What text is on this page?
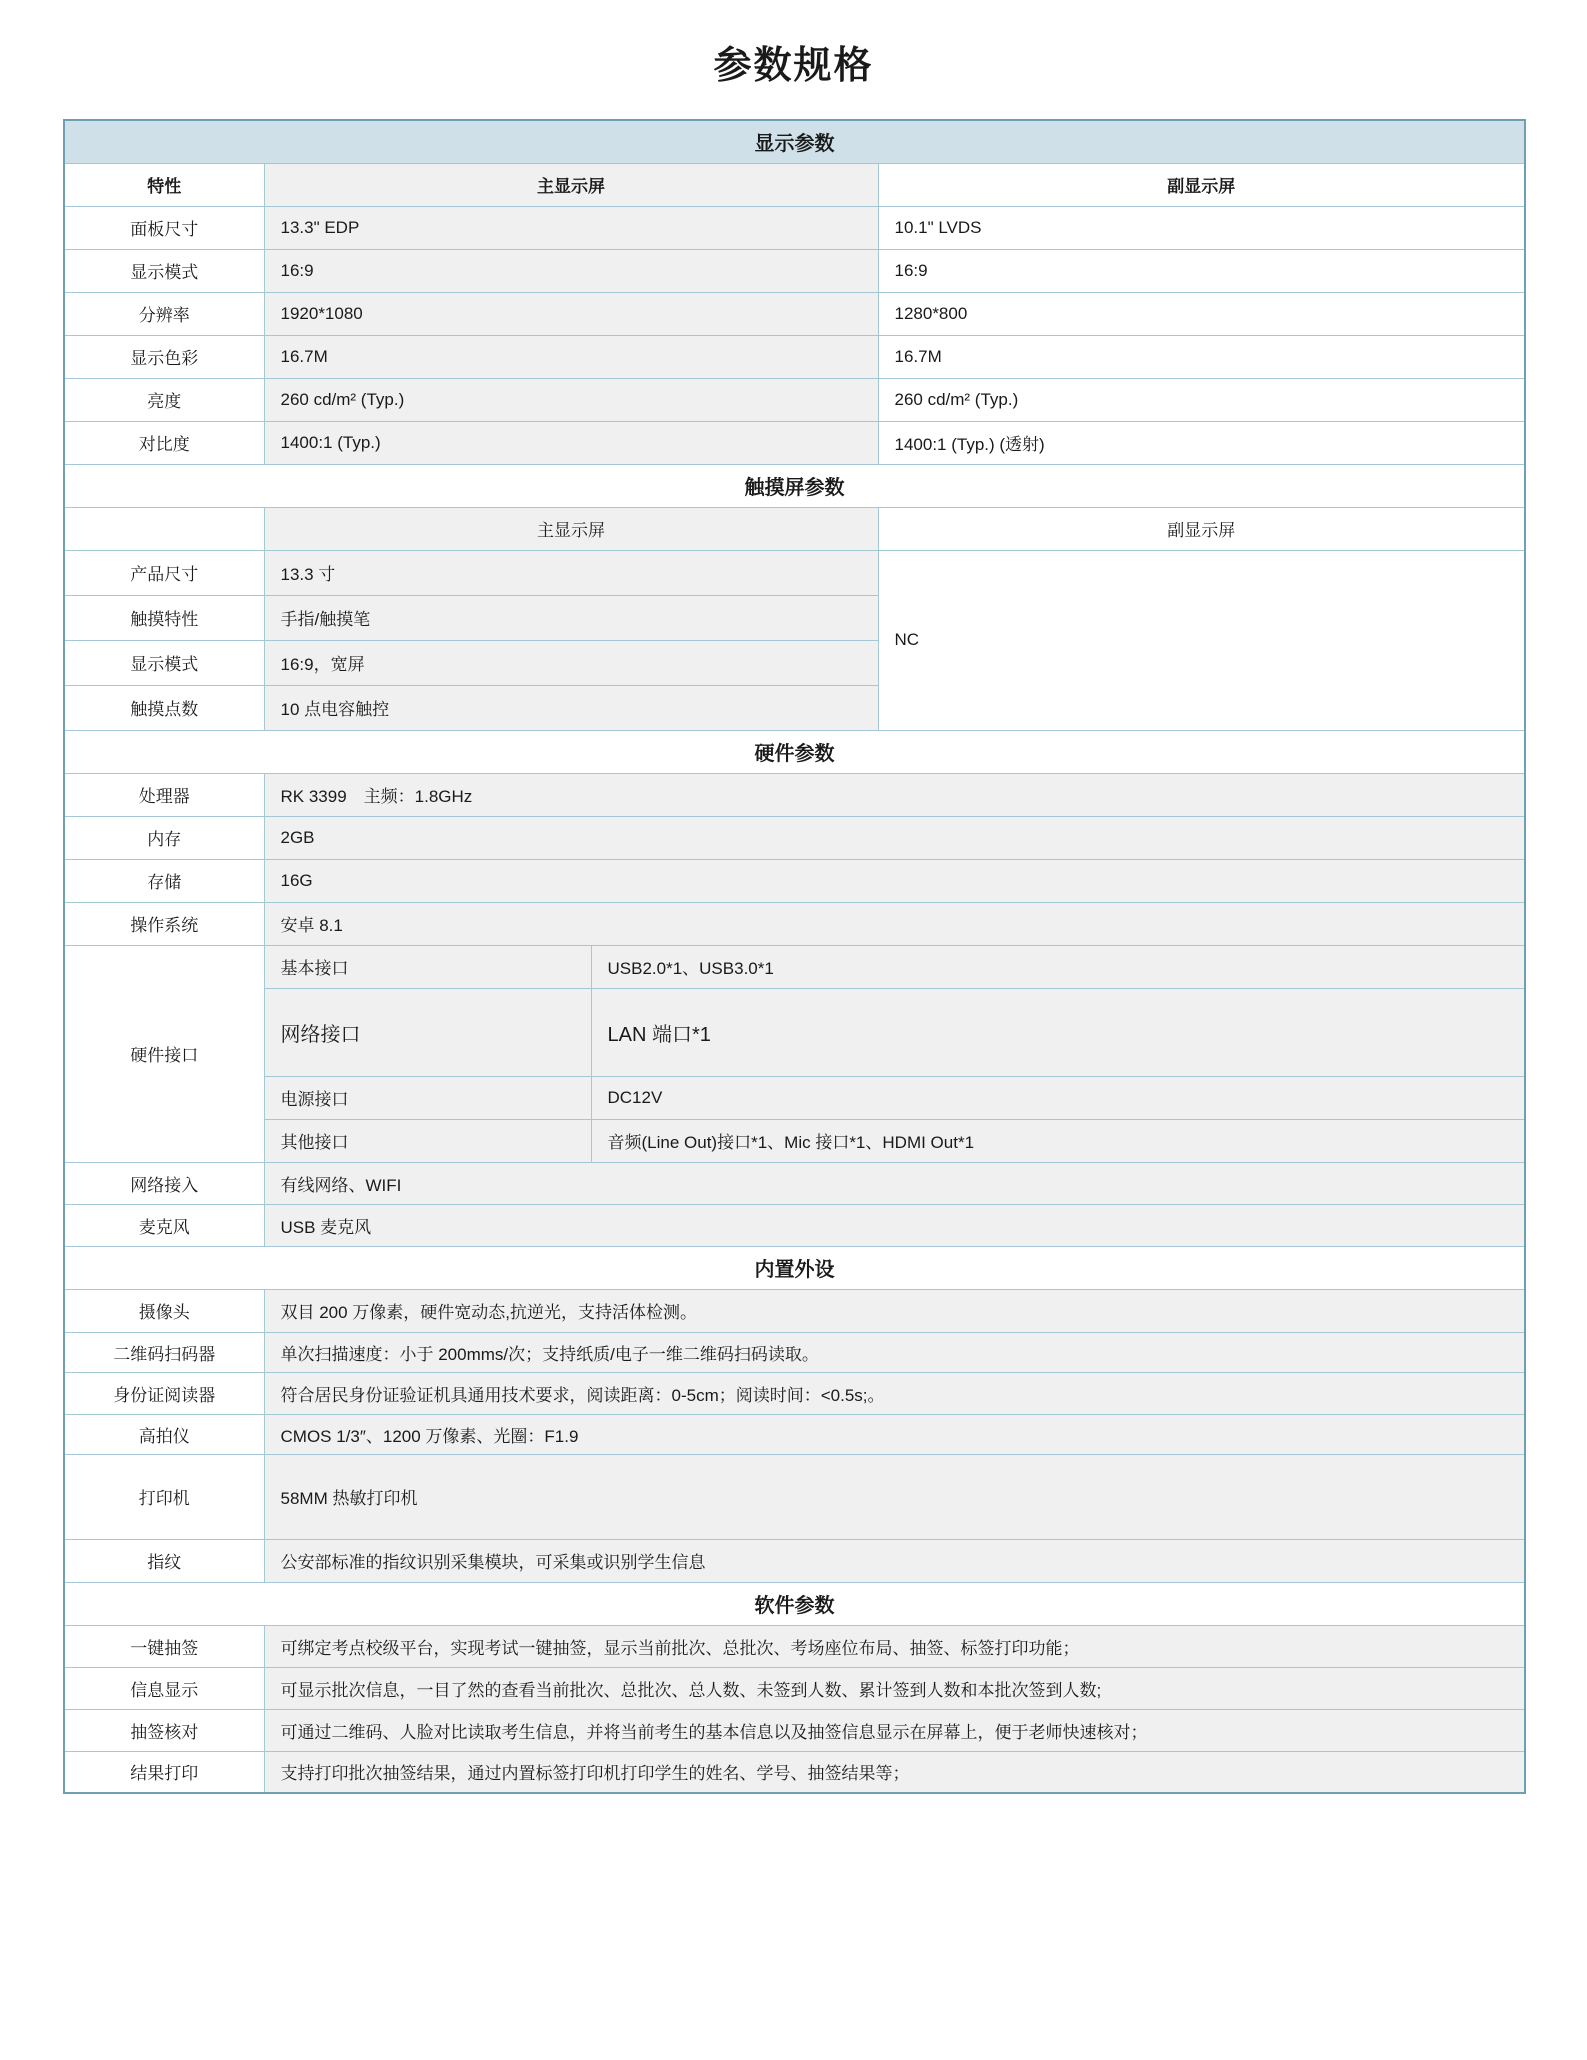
参数规格
显示参数			
特性	主显示屏		副显示屏
面板尺寸	13.3" EDP		10.1" LVDS
显示模式	16:9		16:9
分辨率	1920*1080		1280*800
显示色彩	16.7M		16.7M
亮度	260 cd/m² (Typ.)		260 cd/m² (Typ.)
对比度	1400:1 (Typ.)		1400:1 (Typ.) (透射)
触摸屏参数			
	主显示屏		副显示屏
产品尺寸	13.3 寸		NC
触摸特性	手指/触摸笔		
显示模式	16:9，宽屏		
触摸点数	10 点电容触控		
硬件参数			
处理器	RK 3399　主频：1.8GHz		
内存	2GB		
存储	16G		
操作系统	安卓 8.1		
硬件接口	基本接口	USB2.0*1、USB3.0*1	
	网络接口	LAN 端口*1	
	电源接口	DC12V	
	其他接口	音频(Line Out)接口*1、Mic 接口*1、HDMI Out*1	
网络接入	有线网络、WIFI		
麦克风	USB 麦克风		
内置外设			
摄像头	双目 200 万像素，硬件宽动态,抗逆光，支持活体检测。		
二维码扫码器	单次扫描速度：小于 200mms/次；支持纸质/电子一维二维码扫码读取。		
身份证阅读器	符合居民身份证验证机具通用技术要求，阅读距离：0-5cm；阅读时间：<0.5s;。		
高拍仪	CMOS 1/3″、1200 万像素、光圈：F1.9		
打印机	58MM 热敏打印机		
指纹	公安部标准的指纹识别采集模块，可采集或识别学生信息		
软件参数			
一键抽签	可绑定考点校级平台，实现考试一键抽签，显示当前批次、总批次、考场座位布局、抽签、标签打印功能；		
信息显示	可显示批次信息，一目了然的查看当前批次、总批次、总人数、未签到人数、累计签到人数和本批次签到人数;		
抽签核对	可通过二维码、人脸对比读取考生信息，并将当前考生的基本信息以及抽签信息显示在屏幕上，便于老师快速核对；		
结果打印	支持打印批次抽签结果，通过内置标签打印机打印学生的姓名、学号、抽签结果等；		
